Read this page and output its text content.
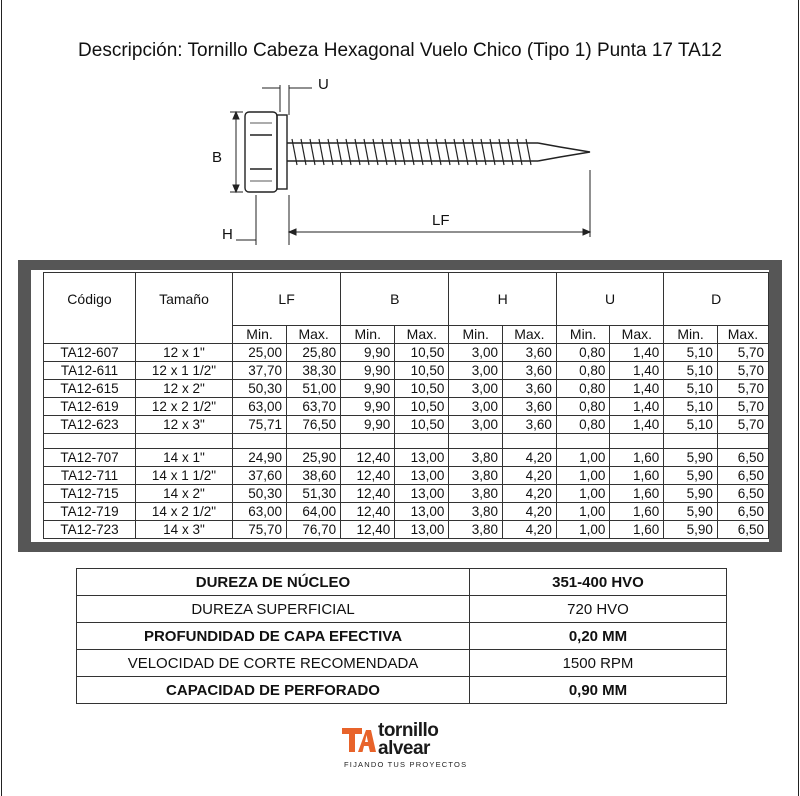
Descripción: Tornillo Cabeza Hexagonal Vuelo Chico (Tipo 1) Punta 17 TA12
U
B
H
LF
Código	Tamaño	LF		B		H		U		D	
		Min.	Max.	Min.	Max.	Min.	Max.	Min.	Max.	Min.	Max.
TA12-607	12 x 1"	25,00	25,80	9,90	10,50	3,00	3,60	0,80	1,40	5,10	5,70
TA12-611	12 x 1 1/2"	37,70	38,30	9,90	10,50	3,00	3,60	0,80	1,40	5,10	5,70
TA12-615	12 x 2"	50,30	51,00	9,90	10,50	3,00	3,60	0,80	1,40	5,10	5,70
TA12-619	12 x 2 1/2"	63,00	63,70	9,90	10,50	3,00	3,60	0,80	1,40	5,10	5,70
TA12-623	12 x 3"	75,71	76,50	9,90	10,50	3,00	3,60	0,80	1,40	5,10	5,70

TA12-707	14 x 1"	24,90	25,90	12,40	13,00	3,80	4,20	1,00	1,60	5,90	6,50
TA12-711	14 x 1 1/2"	37,60	38,60	12,40	13,00	3,80	4,20	1,00	1,60	5,90	6,50
TA12-715	14 x 2"	50,30	51,30	12,40	13,00	3,80	4,20	1,00	1,60	5,90	6,50
TA12-719	14 x 2 1/2"	63,00	64,00	12,40	13,00	3,80	4,20	1,00	1,60	5,90	6,50
TA12-723	14 x 3"	75,70	76,70	12,40	13,00	3,80	4,20	1,00	1,60	5,90	6,50
DUREZA DE NÚCLEO	351-400 HVO
DUREZA SUPERFICIAL	720 HVO
PROFUNDIDAD DE CAPA EFECTIVA	0,20 MM
VELOCIDAD DE CORTE RECOMENDADA	1500 RPM
CAPACIDAD DE PERFORADO	0,90 MM
tornillo
alvear
FIJANDO TUS PROYECTOS
